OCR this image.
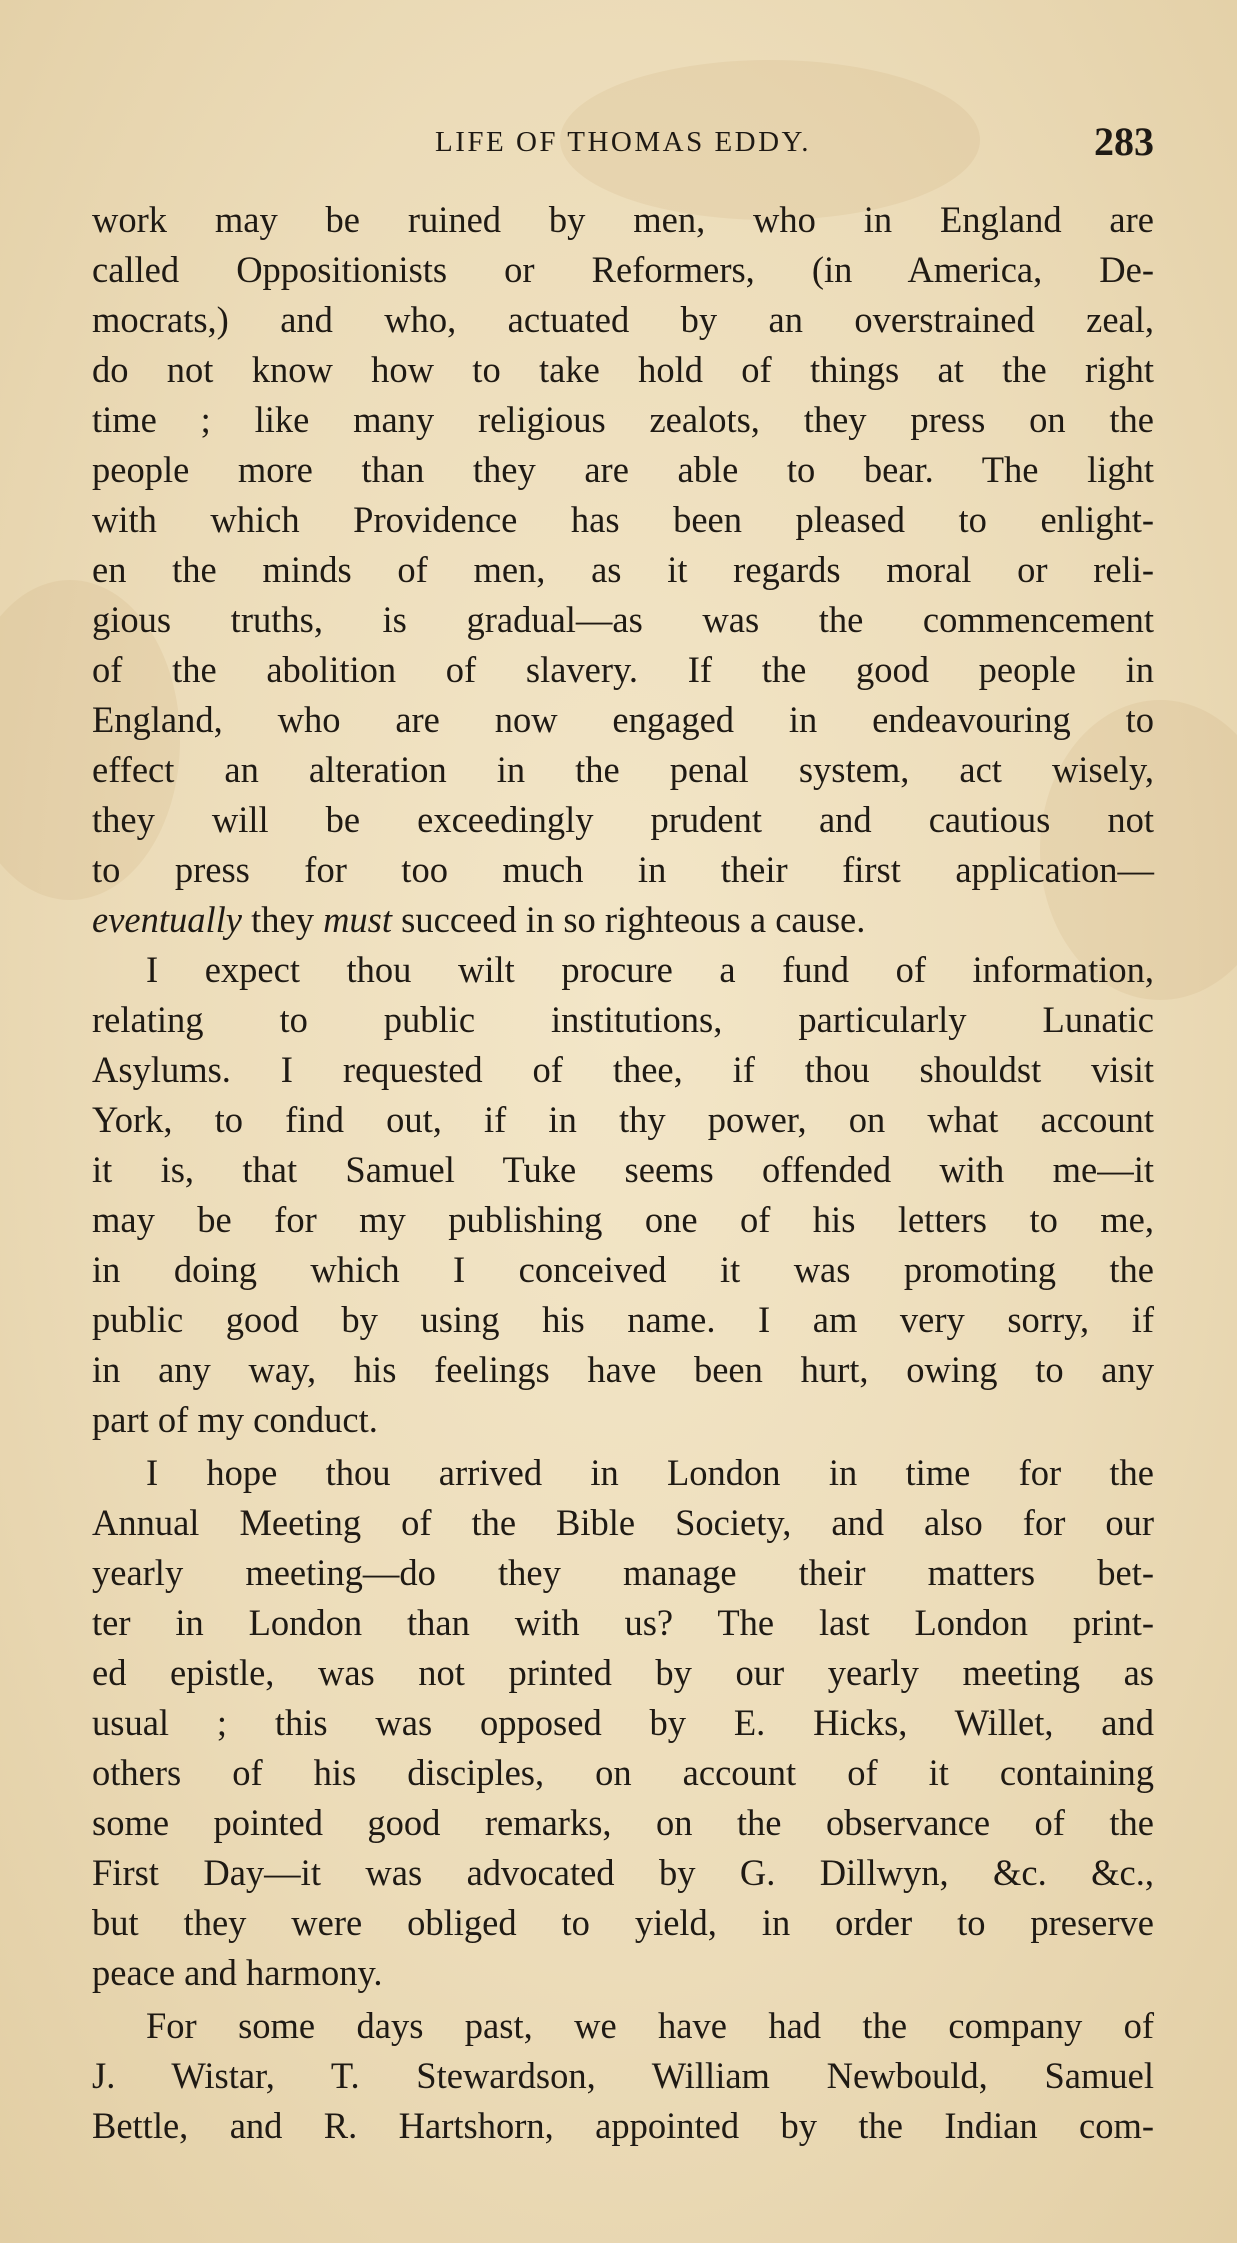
LIFE OF THOMAS EDDY.	283
work may be ruined by men, who in England are
called Oppositionists or Reformers, (in America, De-
mocrats,) and who, actuated by an overstrained zeal,
do not know how to take hold of things at the right
time ; like many religious zealots, they press on the
people more than they are able to bear. The light
with which Providence has been pleased to enlight-
en the minds of men, as it regards moral or reli-
gious truths, is gradual—as was the commencement
of the abolition of slavery. If the good people in
England, who are now engaged in endeavouring to
effect an alteration in the penal system, act wisely,
they will be exceedingly prudent and cautious not
to press for too much in their first application—
eventually they must succeed in so righteous a cause.
I expect thou wilt procure a fund of information,
relating to public institutions, particularly Lunatic
Asylums. I requested of thee, if thou shouldst visit
York, to find out, if in thy power, on what account
it is, that Samuel Tuke seems offended with me—it
may be for my publishing one of his letters to me,
in doing which I conceived it was promoting the
public good by using his name. I am very sorry, if
in any way, his feelings have been hurt, owing to any
part of my conduct.
I hope thou arrived in London in time for the
Annual Meeting of the Bible Society, and also for our
yearly meeting—do they manage their matters bet-
ter in London than with us? The last London print-
ed epistle, was not printed by our yearly meeting as
usual ; this was opposed by E. Hicks, Willet, and
others of his disciples, on account of it containing
some pointed good remarks, on the observance of the
First Day—it was advocated by G. Dillwyn, &c. &c.,
but they were obliged to yield, in order to preserve
peace and harmony.
For some days past, we have had the company of
J. Wistar, T. Stewardson, William Newbould, Samuel
Bettle, and R. Hartshorn, appointed by the Indian com-
